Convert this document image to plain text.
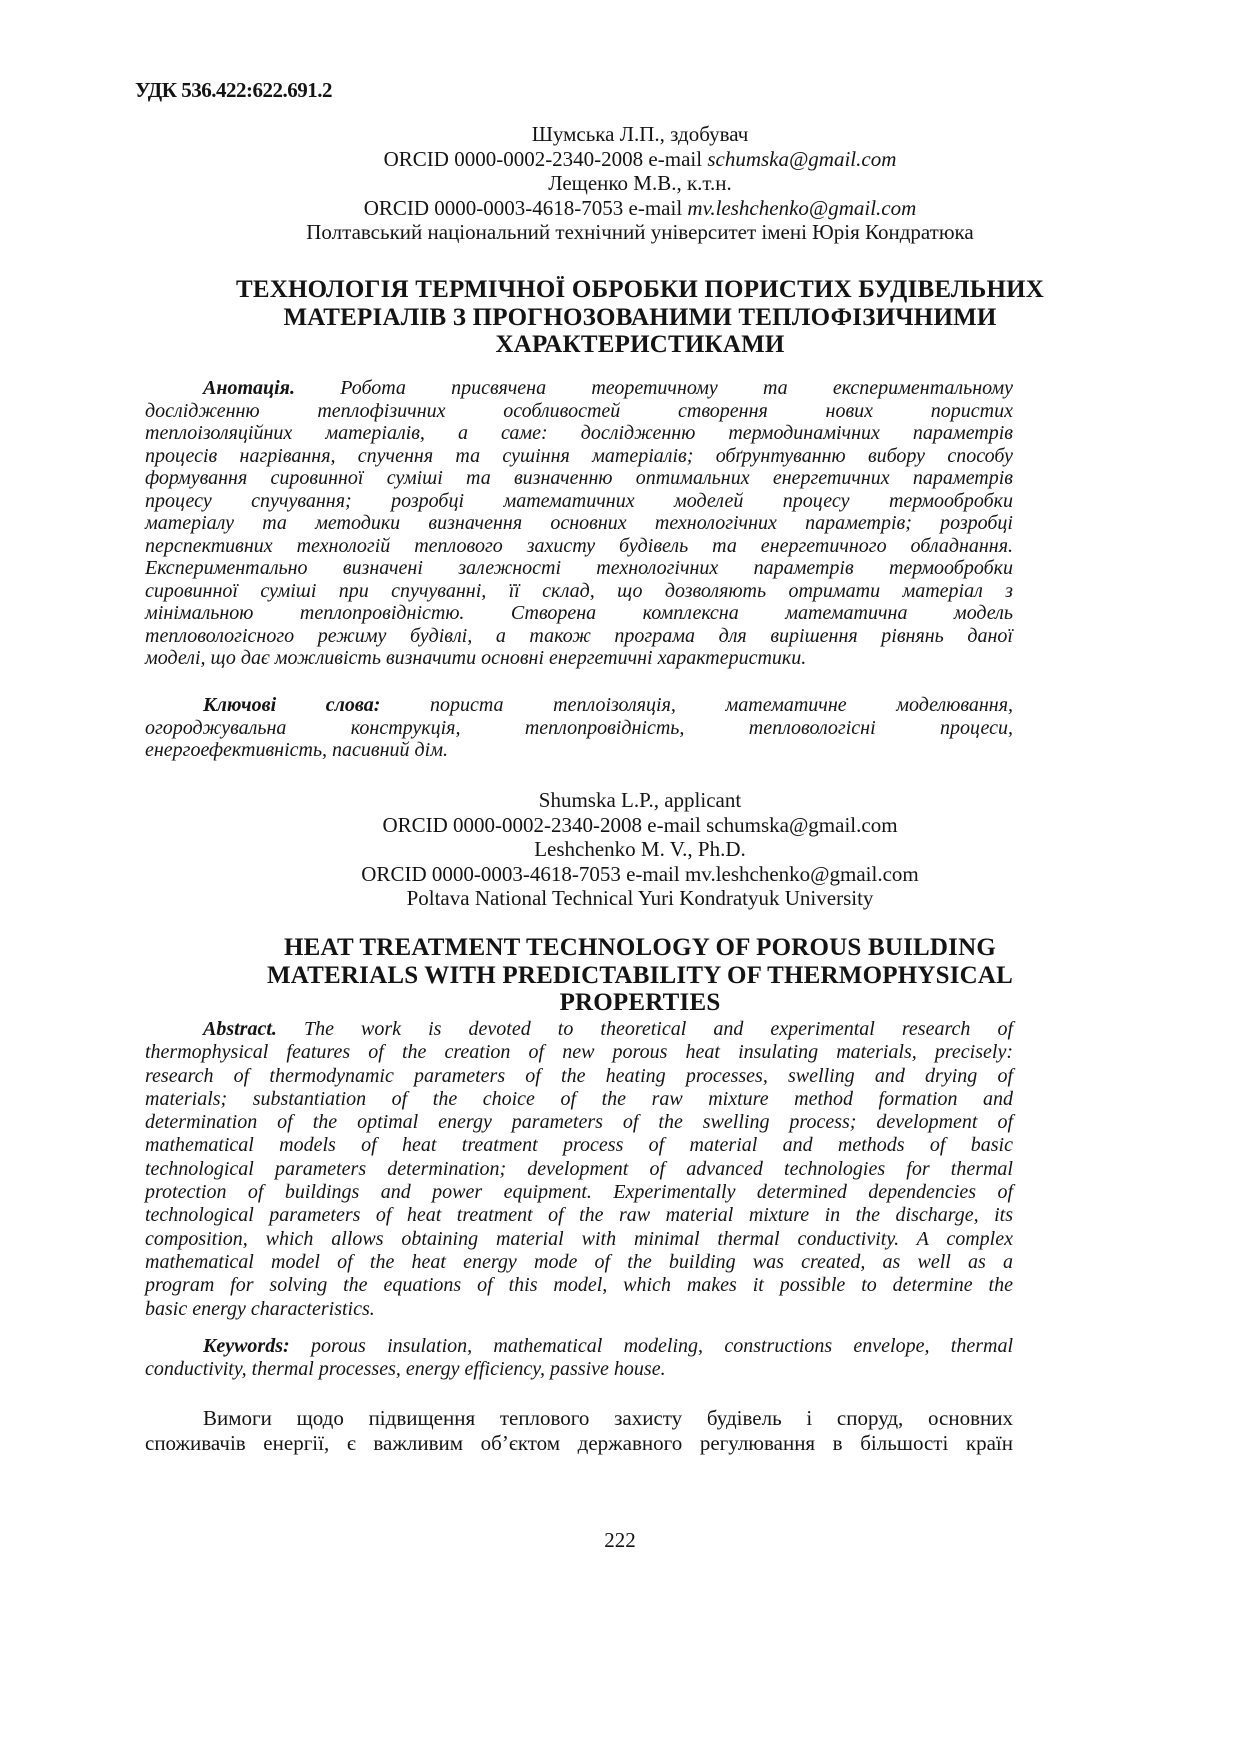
УДК 536.422:622.691.2
Шумська Л.П., здобувач
ORCID 0000-0002-2340-2008 e-mail schumska@gmail.com
Лещенко М.В., к.т.н.
ORCID 0000-0003-4618-7053 e-mail mv.leshchenko@gmail.com
Полтавський національний технічний університет імені Юрія Кондратюка
ТЕХНОЛОГІЯ ТЕРМІЧНОЇ ОБРОБКИ ПОРИСТИХ БУДІВЕЛЬНИХ
МАТЕРІАЛІВ З ПРОГНОЗОВАНИМИ ТЕПЛОФІЗИЧНИМИ
ХАРАКТЕРИСТИКАМИ
Анотація. Робота присвячена теоретичному та експериментальному
дослідженню теплофізичних особливостей створення нових пористих
теплоізоляційних матеріалів, а саме: дослідженню термодинамічних параметрів
процесів нагрівання, спучення та сушіння матеріалів; обґрунтуванню вибору способу
формування сировинної суміші та визначенню оптимальних енергетичних параметрів
процесу спучування; розробці математичних моделей процесу термообробки
матеріалу та методики визначення основних технологічних параметрів; розробці
перспективних технологій теплового захисту будівель та енергетичного обладнання.
Експериментально визначені залежності технологічних параметрів термообробки
сировинної суміші при спучуванні, її склад, що дозволяють отримати матеріал з
мінімальною теплопровідністю. Створена комплексна математична модель
тепловологісного режиму будівлі, а також програма для вирішення рівнянь даної
моделі, що дає можливість визначити основні енергетичні характеристики.
Ключові слова: пориста теплоізоляція, математичне моделювання,
огороджувальна конструкція, теплопровідність, тепловологісні процеси,
енергоефективність, пасивний дім.
Shumska L.P., applicant
ORCID 0000-0002-2340-2008 e-mail schumska@gmail.com
Leshchenko M. V., Ph.D.
ORCID 0000-0003-4618-7053 e-mail mv.leshchenko@gmail.com
Poltava National Technical Yuri Kondratyuk University
HEAT TREATMENT TECHNOLOGY OF POROUS BUILDING
MATERIALS WITH PREDICTABILITY OF THERMOPHYSICAL
PROPERTIES
Abstract. The work is devoted to theoretical and experimental research of
thermophysical features of the creation of new porous heat insulating materials, precisely:
research of thermodynamic parameters of the heating processes, swelling and drying of
materials; substantiation of the choice of the raw mixture method formation and
determination of the optimal energy parameters of the swelling process; development of
mathematical models of heat treatment process of material and methods of basic
technological parameters determination; development of advanced technologies for thermal
protection of buildings and power equipment. Experimentally determined dependencies of
technological parameters of heat treatment of the raw material mixture in the discharge, its
composition, which allows obtaining material with minimal thermal conductivity. A complex
mathematical model of the heat energy mode of the building was created, as well as a
program for solving the equations of this model, which makes it possible to determine the
basic energy characteristics.
Keywords: porous insulation, mathematical modeling, constructions envelope, thermal
conductivity, thermal processes, energy efficiency, passive house.
Вимоги щодо підвищення теплового захисту будівель і споруд, основних
споживачів енергії, є важливим об’єктом державного регулювання в більшості країн
222
